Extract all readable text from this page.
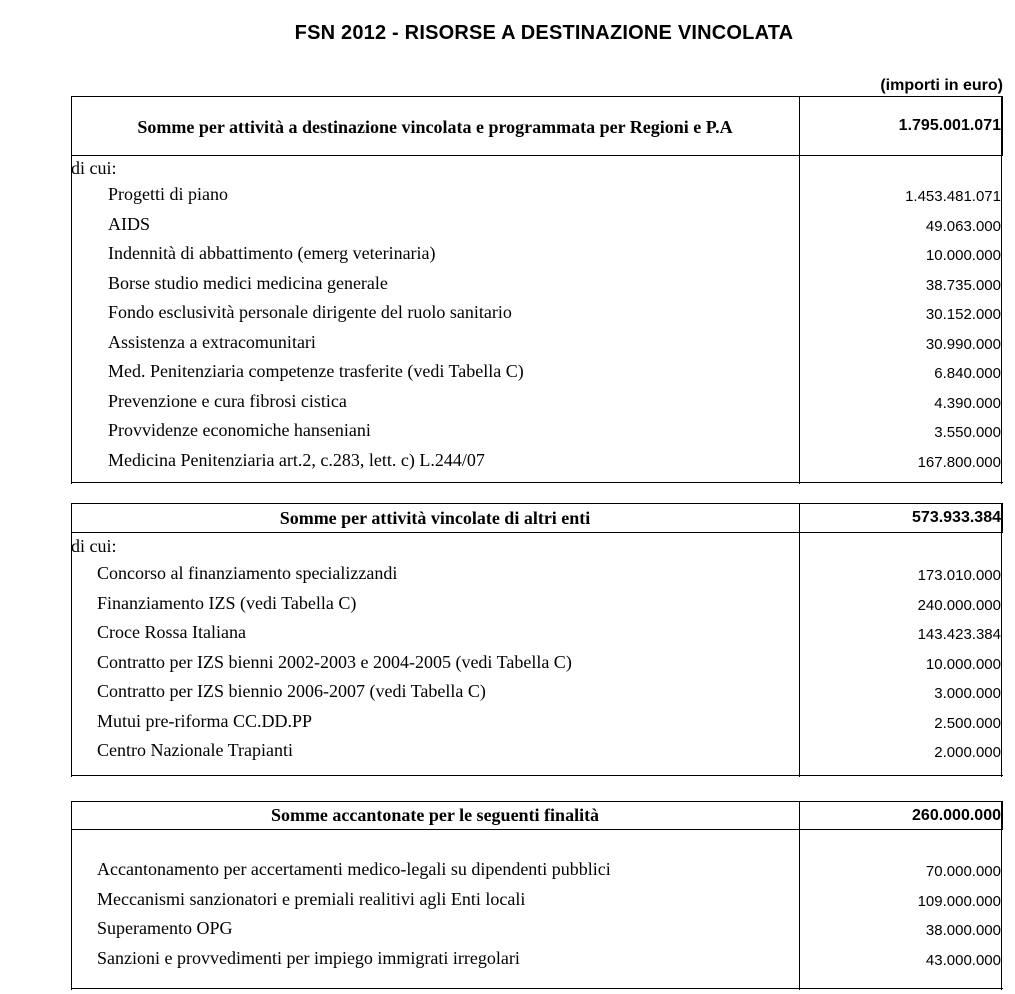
FSN 2012 - RISORSE A DESTINAZIONE VINCOLATA
(importi in euro)
Somme per attività a destinazione vincolata e programmata per Regioni e P.A	1.795.001.071
di cui:
Progetti di piano	1.453.481.071
AIDS	49.063.000
Indennità di abbattimento (emerg veterinaria)	10.000.000
Borse studio medici medicina generale	38.735.000
Fondo esclusività personale dirigente del ruolo sanitario	30.152.000
Assistenza a extracomunitari	30.990.000
Med. Penitenziaria competenze trasferite (vedi Tabella C)	6.840.000
Prevenzione e cura fibrosi cistica	4.390.000
Provvidenze economiche hanseniani	3.550.000
Medicina Penitenziaria art.2, c.283, lett. c) L.244/07	167.800.000
Somme per attività vincolate di altri enti	573.933.384
di cui:
Concorso al finanziamento specializzandi	173.010.000
Finanziamento IZS (vedi Tabella C)	240.000.000
Croce Rossa Italiana	143.423.384
Contratto per IZS bienni 2002-2003 e 2004-2005 (vedi Tabella C)	10.000.000
Contratto per IZS biennio 2006-2007 (vedi Tabella C)	3.000.000
Mutui pre-riforma CC.DD.PP	2.500.000
Centro Nazionale Trapianti	2.000.000
Somme accantonate per le seguenti finalità	260.000.000
Accantonamento per accertamenti medico-legali su dipendenti pubblici	70.000.000
Meccanismi sanzionatori e premiali realitivi agli Enti locali	109.000.000
Superamento OPG	38.000.000
Sanzioni e provvedimenti per impiego immigrati irregolari	43.000.000
